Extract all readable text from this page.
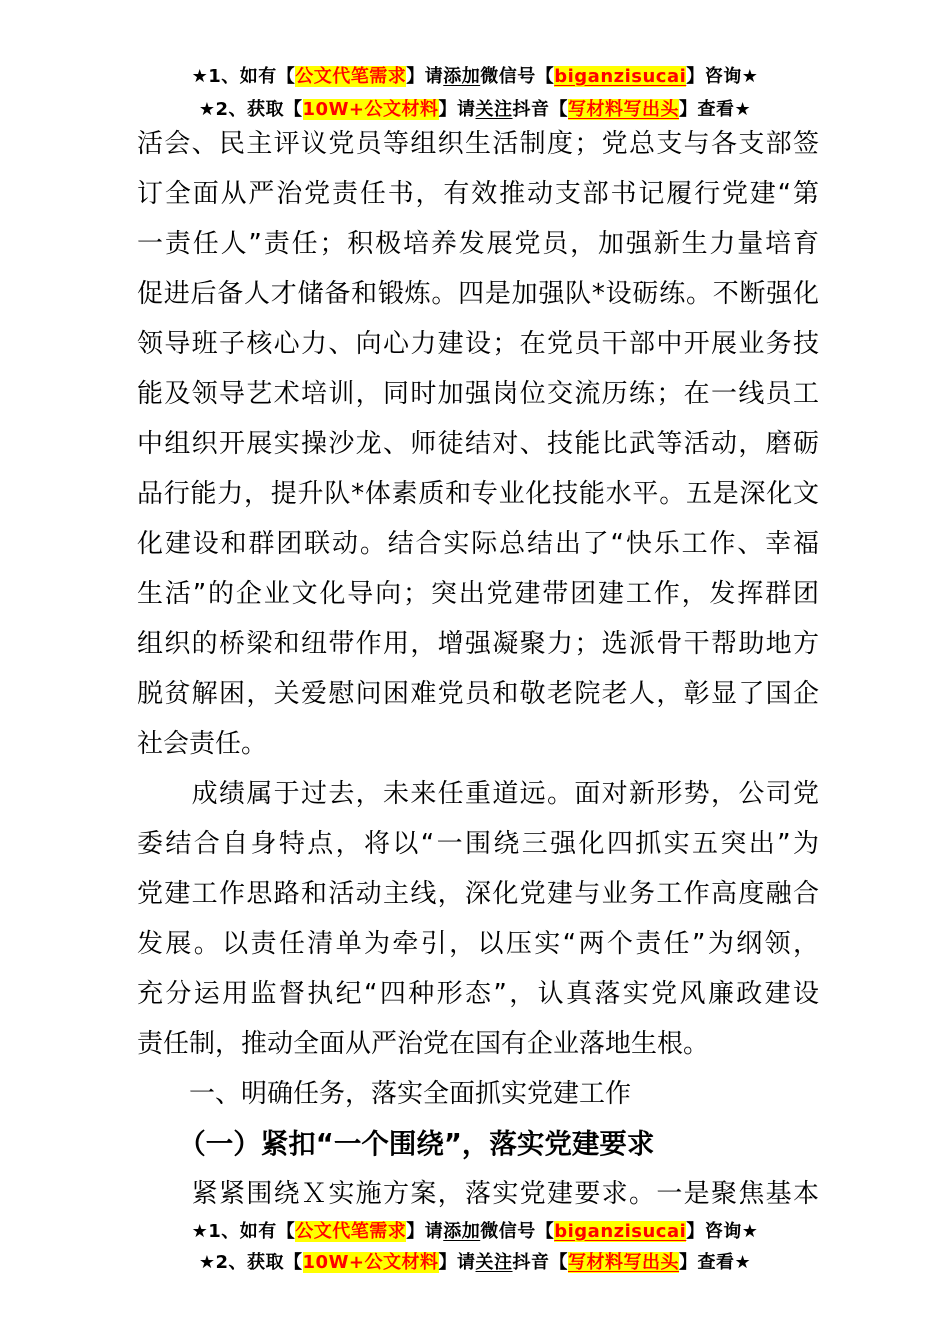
★1、如有【公文代笔需求】请添加微信号【biganzisucai】咨询★
★2、获取【10W+公文材料】请关注抖音【写材料写出头】查看★
活会、民主评议党员等组织生活制度；党总支与各支部签
订全面从严治党责任书，有效推动支部书记履行党建“第
一责任人”责任；积极培养发展党员，加强新生力量培育
促进后备人才储备和锻炼。四是加强队*设砺练。不断强化
领导班子核心力、向心力建设；在党员干部中开展业务技
能及领导艺术培训，同时加强岗位交流历练；在一线员工
中组织开展实操沙龙、师徒结对、技能比武等活动，磨砺
品行能力，提升队*体素质和专业化技能水平。五是深化文
化建设和群团联动。结合实际总结出了“快乐工作、幸福
生活”的企业文化导向；突出党建带团建工作，发挥群团
组织的桥梁和纽带作用，增强凝聚力；选派骨干帮助地方
脱贫解困，关爱慰问困难党员和敬老院老人，彰显了国企
社会责任。
　　成绩属于过去，未来任重道远。面对新形势，公司党
委结合自身特点，将以“一围绕三强化四抓实五突出”为
党建工作思路和活动主线，深化党建与业务工作高度融合
发展。以责任清单为牵引，以压实“两个责任”为纲领，
充分运用监督执纪“四种形态”，认真落实党风廉政建设
责任制，推动全面从严治党在国有企业落地生根。
　　一、明确任务，落实全面抓实党建工作
　　（一）紧扣“一个围绕”，落实党建要求
　　紧紧围绕Ｘ实施方案，落实党建要求。一是聚焦基本
★1、如有【公文代笔需求】请添加微信号【biganzisucai】咨询★
★2、获取【10W+公文材料】请关注抖音【写材料写出头】查看★
